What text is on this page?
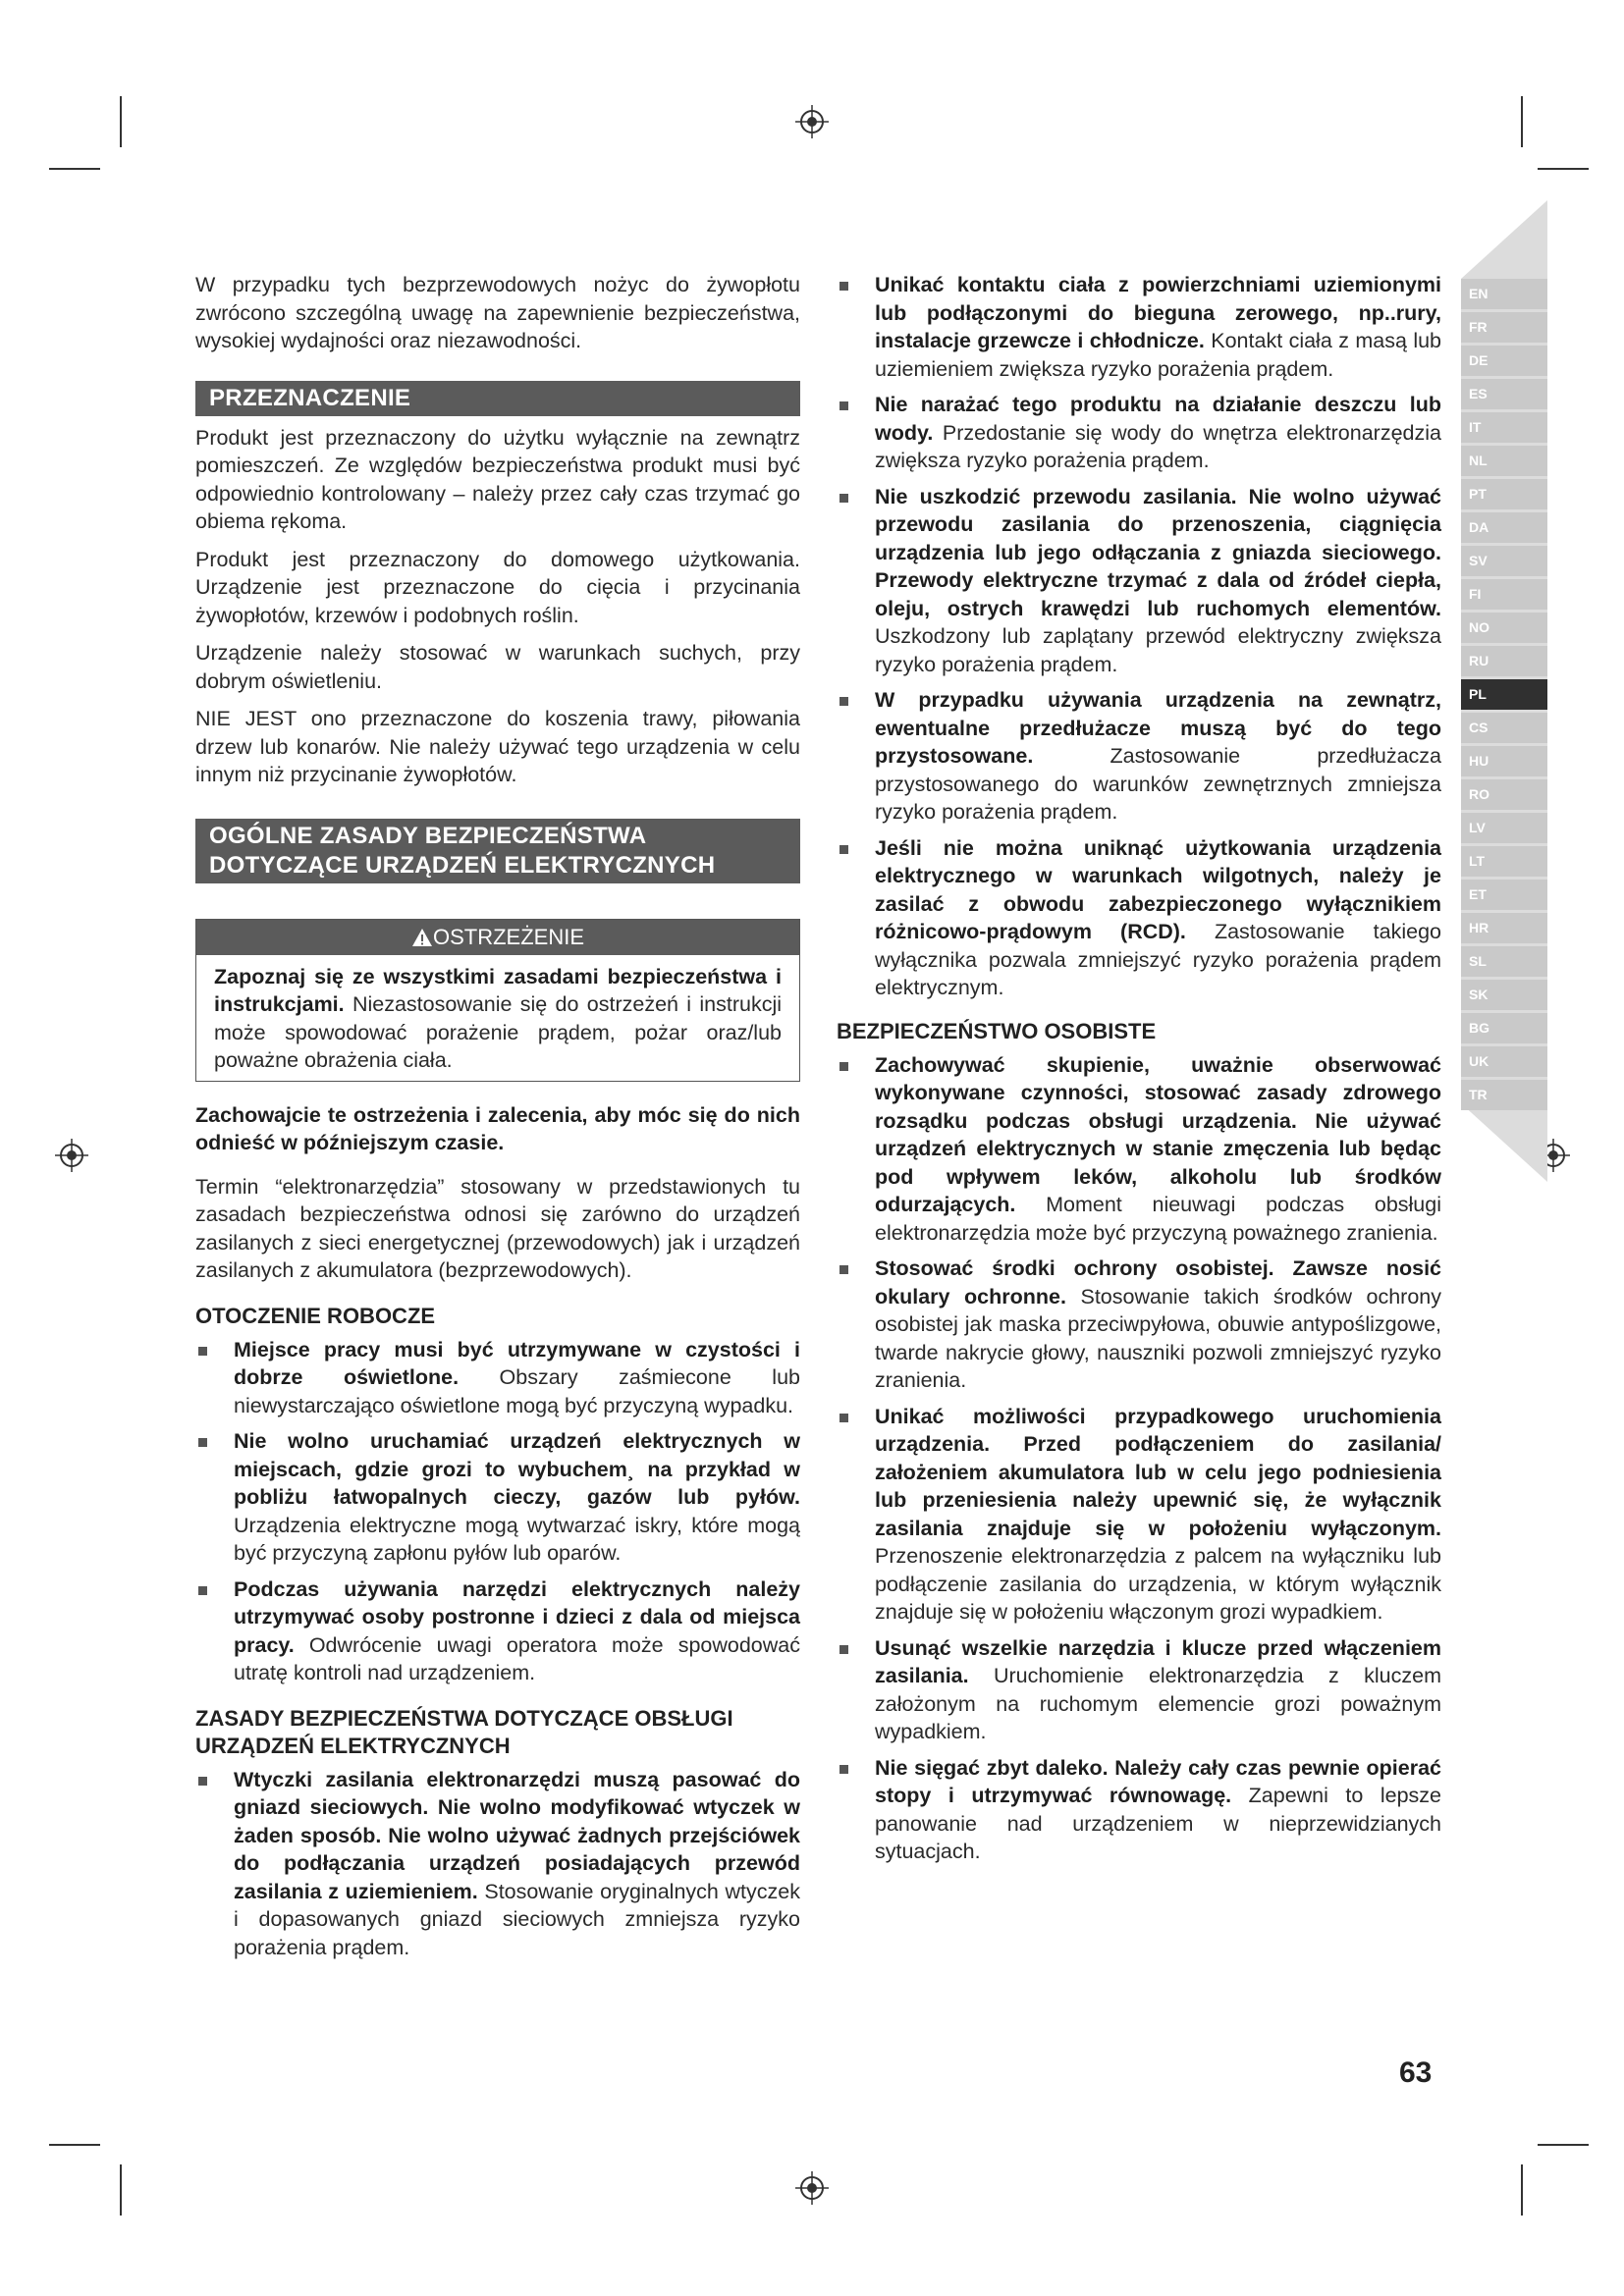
EN
FR
DE
ES
IT
NL
PT
DA
SV
FI
NO
RU
PL
CS
HU
RO
LV
LT
ET
HR
SL
SK
BG
UK
TR

W przypadku tych bezprzewodowych nożyc do żywopłotu zwrócono szczególną uwagę na zapewnienie bezpieczeństwa, wysokiej wydajności oraz niezawodności.

PRZEZNACZENIE

Produkt jest przeznaczony do użytku wyłącznie na zewnątrz pomieszczeń. Ze względów bezpieczeństwa produkt musi być odpowiednio kontrolowany – należy przez cały czas trzymać go obiema rękoma.

Produkt jest przeznaczony do domowego użytkowania. Urządzenie jest przeznaczone do cięcia i przycinania żywopłotów, krzewów i podobnych roślin.

Urządzenie należy stosować w warunkach suchych, przy dobrym oświetleniu.

NIE JEST ono przeznaczone do koszenia trawy, piłowania drzew lub konarów. Nie należy używać tego urządzenia w celu innym niż przycinanie żywopłotów.

OGÓLNE ZASADY BEZPIECZEŃSTWA
DOTYCZĄCE URZĄDZEŃ ELEKTRYCZNYCH
OSTRZEŻENIE

Zapoznaj się ze wszystkimi zasadami bezpieczeństwa i instrukcjami. Niezastosowanie się do ostrzeżeń i instrukcji może spowodować porażenie prądem, pożar oraz/lub poważne obrażenia ciała.

Zachowajcie te ostrzeżenia i zalecenia, aby móc się do nich odnieść w późniejszym czasie.

Termin “elektronarzędzia” stosowany w przedstawionych tu zasadach bezpieczeństwa odnosi się zarówno do urządzeń zasilanych z sieci energetycznej (przewodowych) jak i urządzeń zasilanych z akumulatora (bezprzewodowych).

OTOCZENIE ROBOCZE
Miejsce pracy musi być utrzymywane w czystości i dobrze oświetlone. Obszary zaśmiecone lub niewystarczająco oświetlone mogą być przyczyną wypadku.
Nie wolno uruchamiać urządzeń elektrycznych w miejscach, gdzie grozi to wybuchem¸ na przykład w pobliżu łatwopalnych cieczy, gazów lub pyłów. Urządzenia elektryczne mogą wytwarzać iskry, które mogą być przyczyną zapłonu pyłów lub oparów.
Podczas używania narzędzi elektrycznych należy utrzymywać osoby postronne i dzieci z dala od miejsca pracy. Odwrócenie uwagi operatora może spowodować utratę kontroli nad urządzeniem.
ZASADY BEZPIECZEŃSTWA DOTYCZĄCE OBSŁUGI URZĄDZEŃ ELEKTRYCZNYCH
Wtyczki zasilania elektronarzędzi muszą pasować do gniazd sieciowych. Nie wolno modyfikować wtyczek w żaden sposób. Nie wolno używać żadnych przejściówek do podłączania urządzeń posiadających przewód zasilania z uziemieniem. Stosowanie oryginalnych wtyczek i dopasowanych gniazd sieciowych zmniejsza ryzyko porażenia prądem.
Unikać kontaktu ciała z powierzchniami uziemionymi lub podłączonymi do bieguna zerowego, np..rury, instalacje grzewcze i chłodnicze. Kontakt ciała z masą lub uziemieniem zwiększa ryzyko porażenia prądem.
Nie narażać tego produktu na działanie deszczu lub wody. Przedostanie się wody do wnętrza elektronarzędzia zwiększa ryzyko porażenia prądem.
Nie uszkodzić przewodu zasilania. Nie wolno używać przewodu zasilania do przenoszenia, ciągnięcia urządzenia lub jego odłączania z gniazda sieciowego. Przewody elektryczne trzymać z dala od źródeł ciepła, oleju, ostrych krawędzi lub ruchomych elementów. Uszkodzony lub zaplątany przewód elektryczny zwiększa ryzyko porażenia prądem.
W przypadku używania urządzenia na zewnątrz, ewentualne przedłużacze muszą być do tego przystosowane. Zastosowanie przedłużacza przystosowanego do warunków zewnętrznych zmniejsza ryzyko porażenia prądem.
Jeśli nie można uniknąć użytkowania urządzenia elektrycznego w warunkach wilgotnych, należy je zasilać z obwodu zabezpieczonego wyłącznikiem różnicowo-prądowym (RCD). Zastosowanie takiego wyłącznika pozwala zmniejszyć ryzyko porażenia prądem elektrycznym.
BEZPIECZEŃSTWO OSOBISTE
Zachowywać skupienie, uważnie obserwować wykonywane czynności, stosować zasady zdrowego rozsądku podczas obsługi urządzenia. Nie używać urządzeń elektrycznych w stanie zmęczenia lub będąc pod wpływem leków, alkoholu lub środków odurzających. Moment nieuwagi podczas obsługi elektronarzędzia może być przyczyną poważnego zranienia.
Stosować środki ochrony osobistej. Zawsze nosić okulary ochronne. Stosowanie takich środków ochrony osobistej jak maska przeciwpyłowa, obuwie antypoślizgowe, twarde nakrycie głowy, nauszniki pozwoli zmniejszyć ryzyko zranienia.
Unikać możliwości przypadkowego uruchomienia urządzenia. Przed podłączeniem do zasilania/ założeniem akumulatora lub w celu jego podniesienia lub przeniesienia należy upewnić się, że wyłącznik zasilania znajduje się w położeniu wyłączonym. Przenoszenie elektronarzędzia z palcem na wyłączniku lub podłączenie zasilania do urządzenia, w którym wyłącznik znajduje się w położeniu włączonym grozi wypadkiem.
Usunąć wszelkie narzędzia i klucze przed włączeniem zasilania. Uruchomienie elektronarzędzia z kluczem założonym na ruchomym elemencie grozi poważnym wypadkiem.
Nie sięgać zbyt daleko. Należy cały czas pewnie opierać stopy i utrzymywać równowagę. Zapewni to lepsze panowanie nad urządzeniem w nieprzewidzianych sytuacjach.
63
